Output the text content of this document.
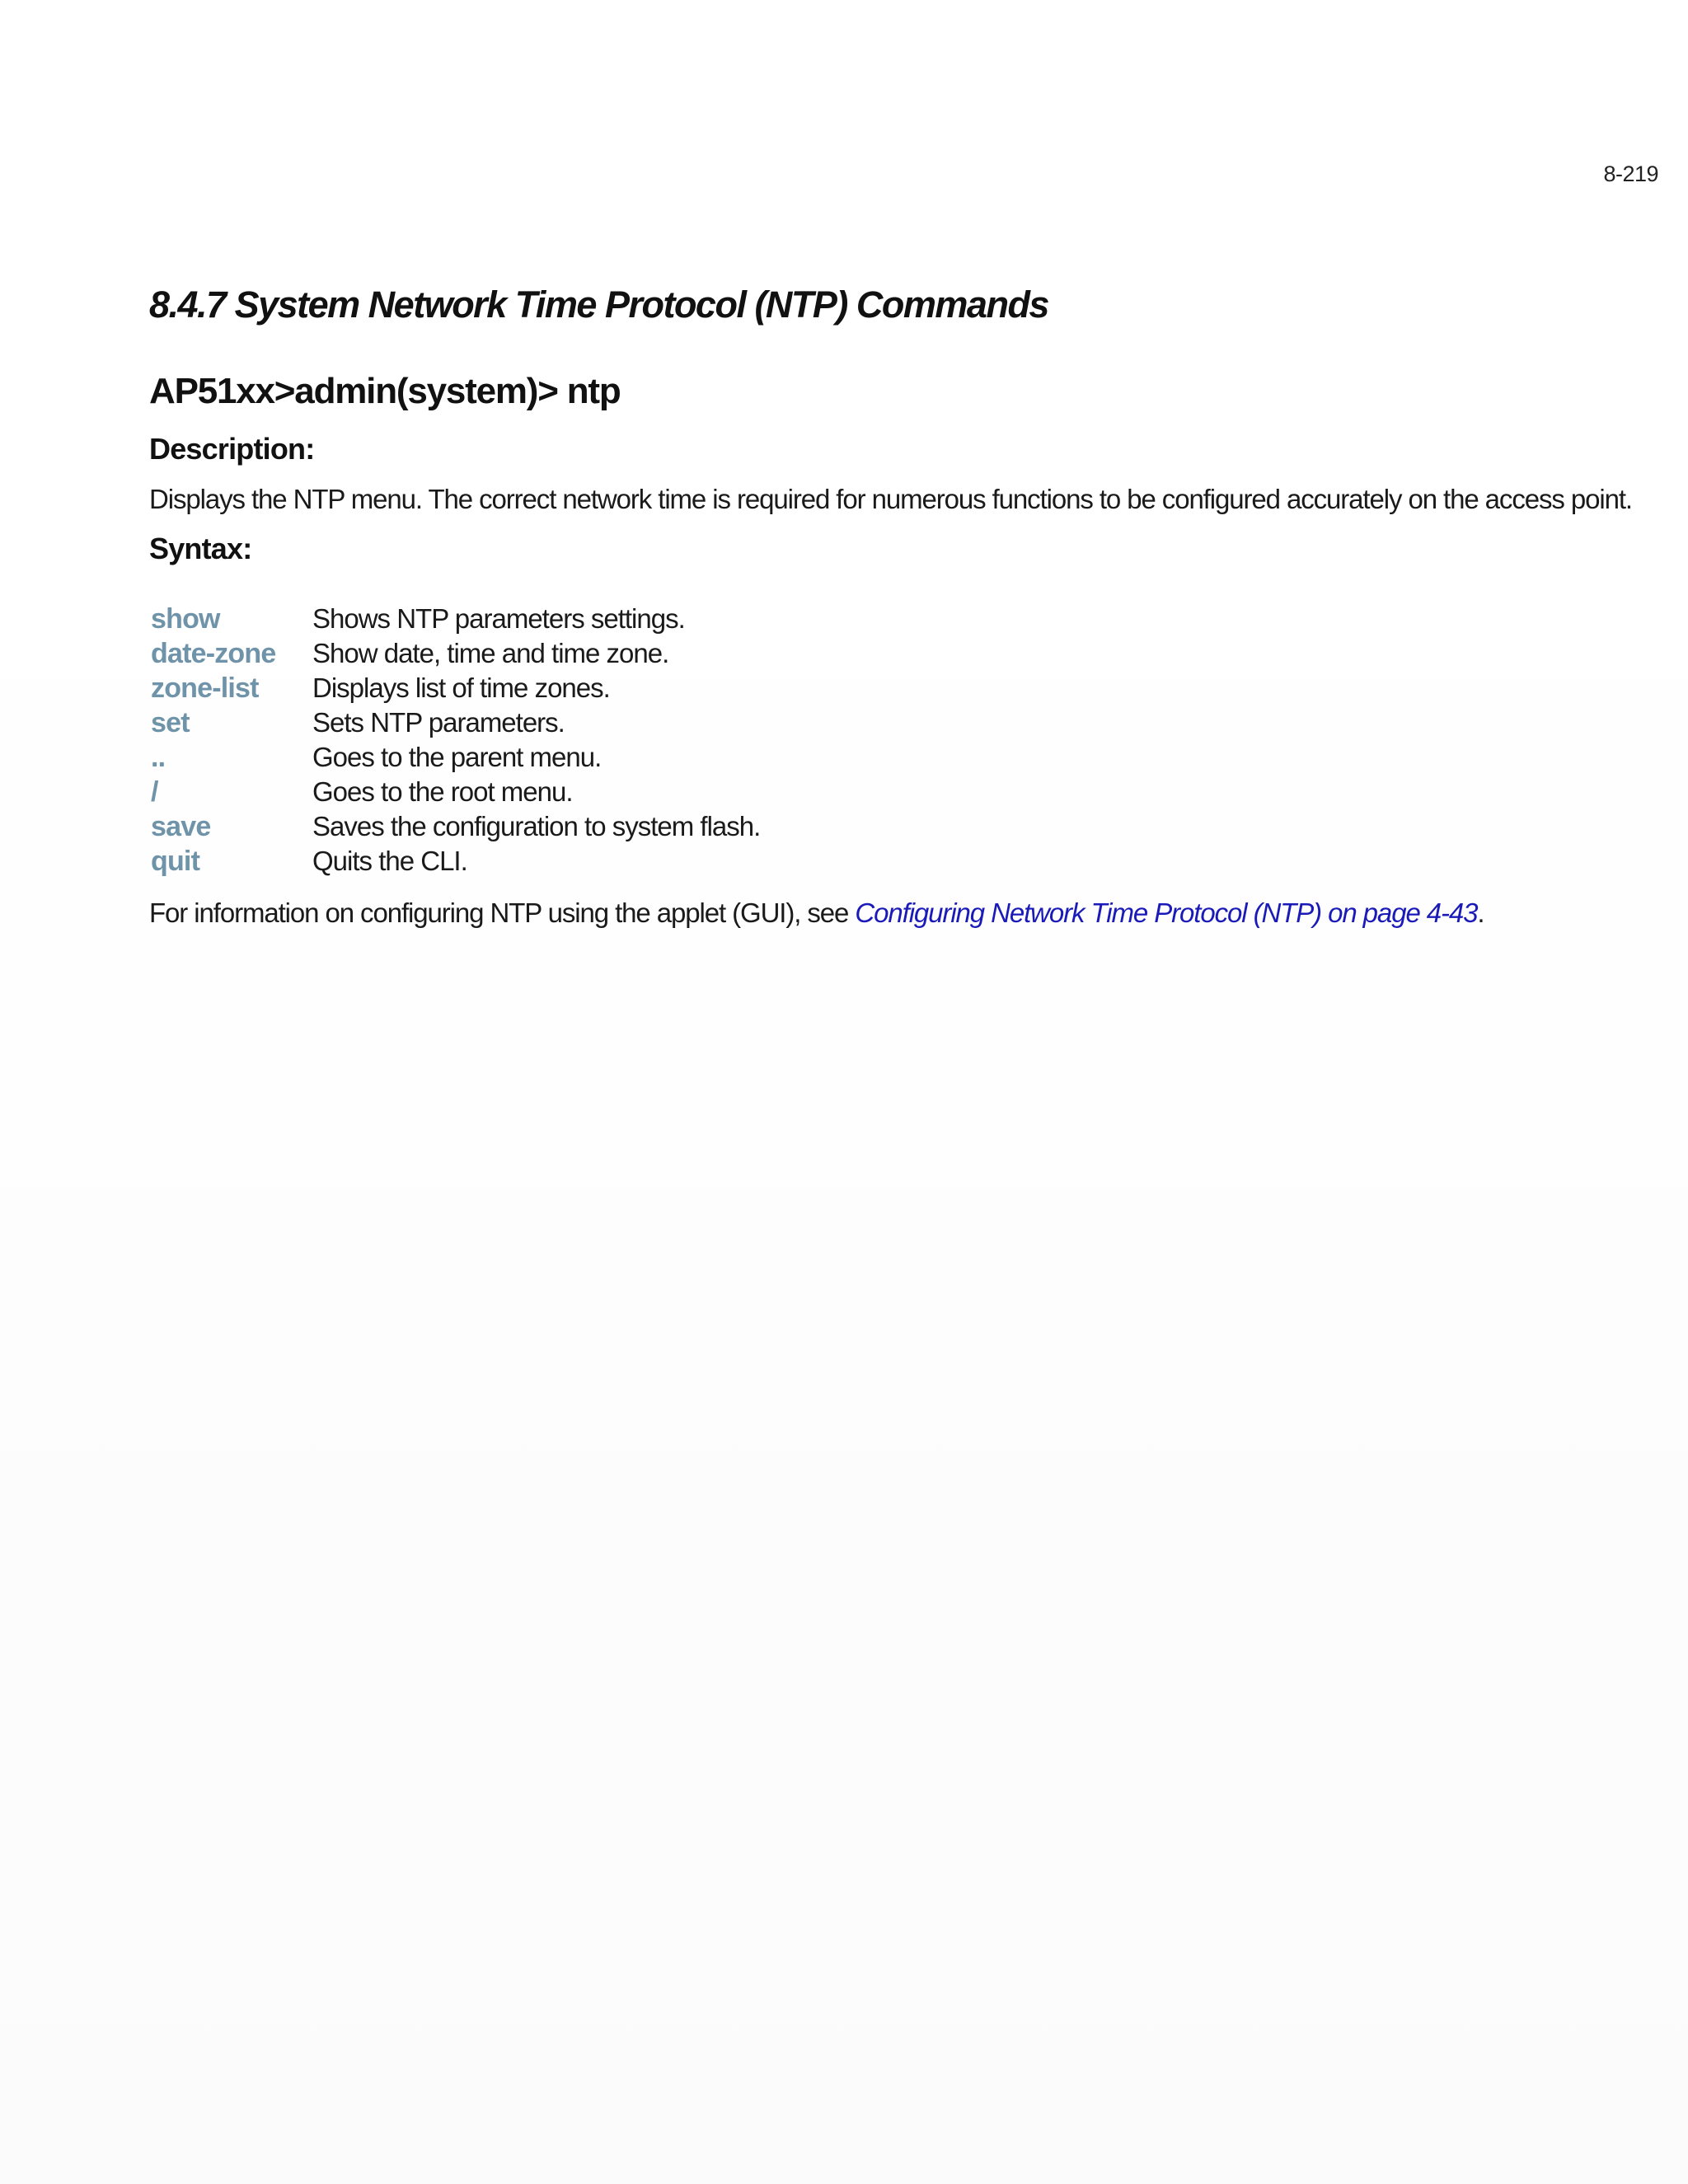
8-219
8.4.7 System Network Time Protocol (NTP) Commands
AP51xx>admin(system)> ntp
Description:

Displays the NTP menu. The correct network time is required for numerous functions to be configured accurately on the access point.

Syntax:
show	Shows NTP parameters settings.
date-zone	Show date, time and time zone.
zone-list	Displays list of time zones.
set	Sets NTP parameters.
..	Goes to the parent menu.
/	Goes to the root menu.
save	Saves the configuration to system flash.
quit	Quits the CLI.

For information on configuring NTP using the applet (GUI), see Configuring Network Time Protocol (NTP) on page 4-43.
